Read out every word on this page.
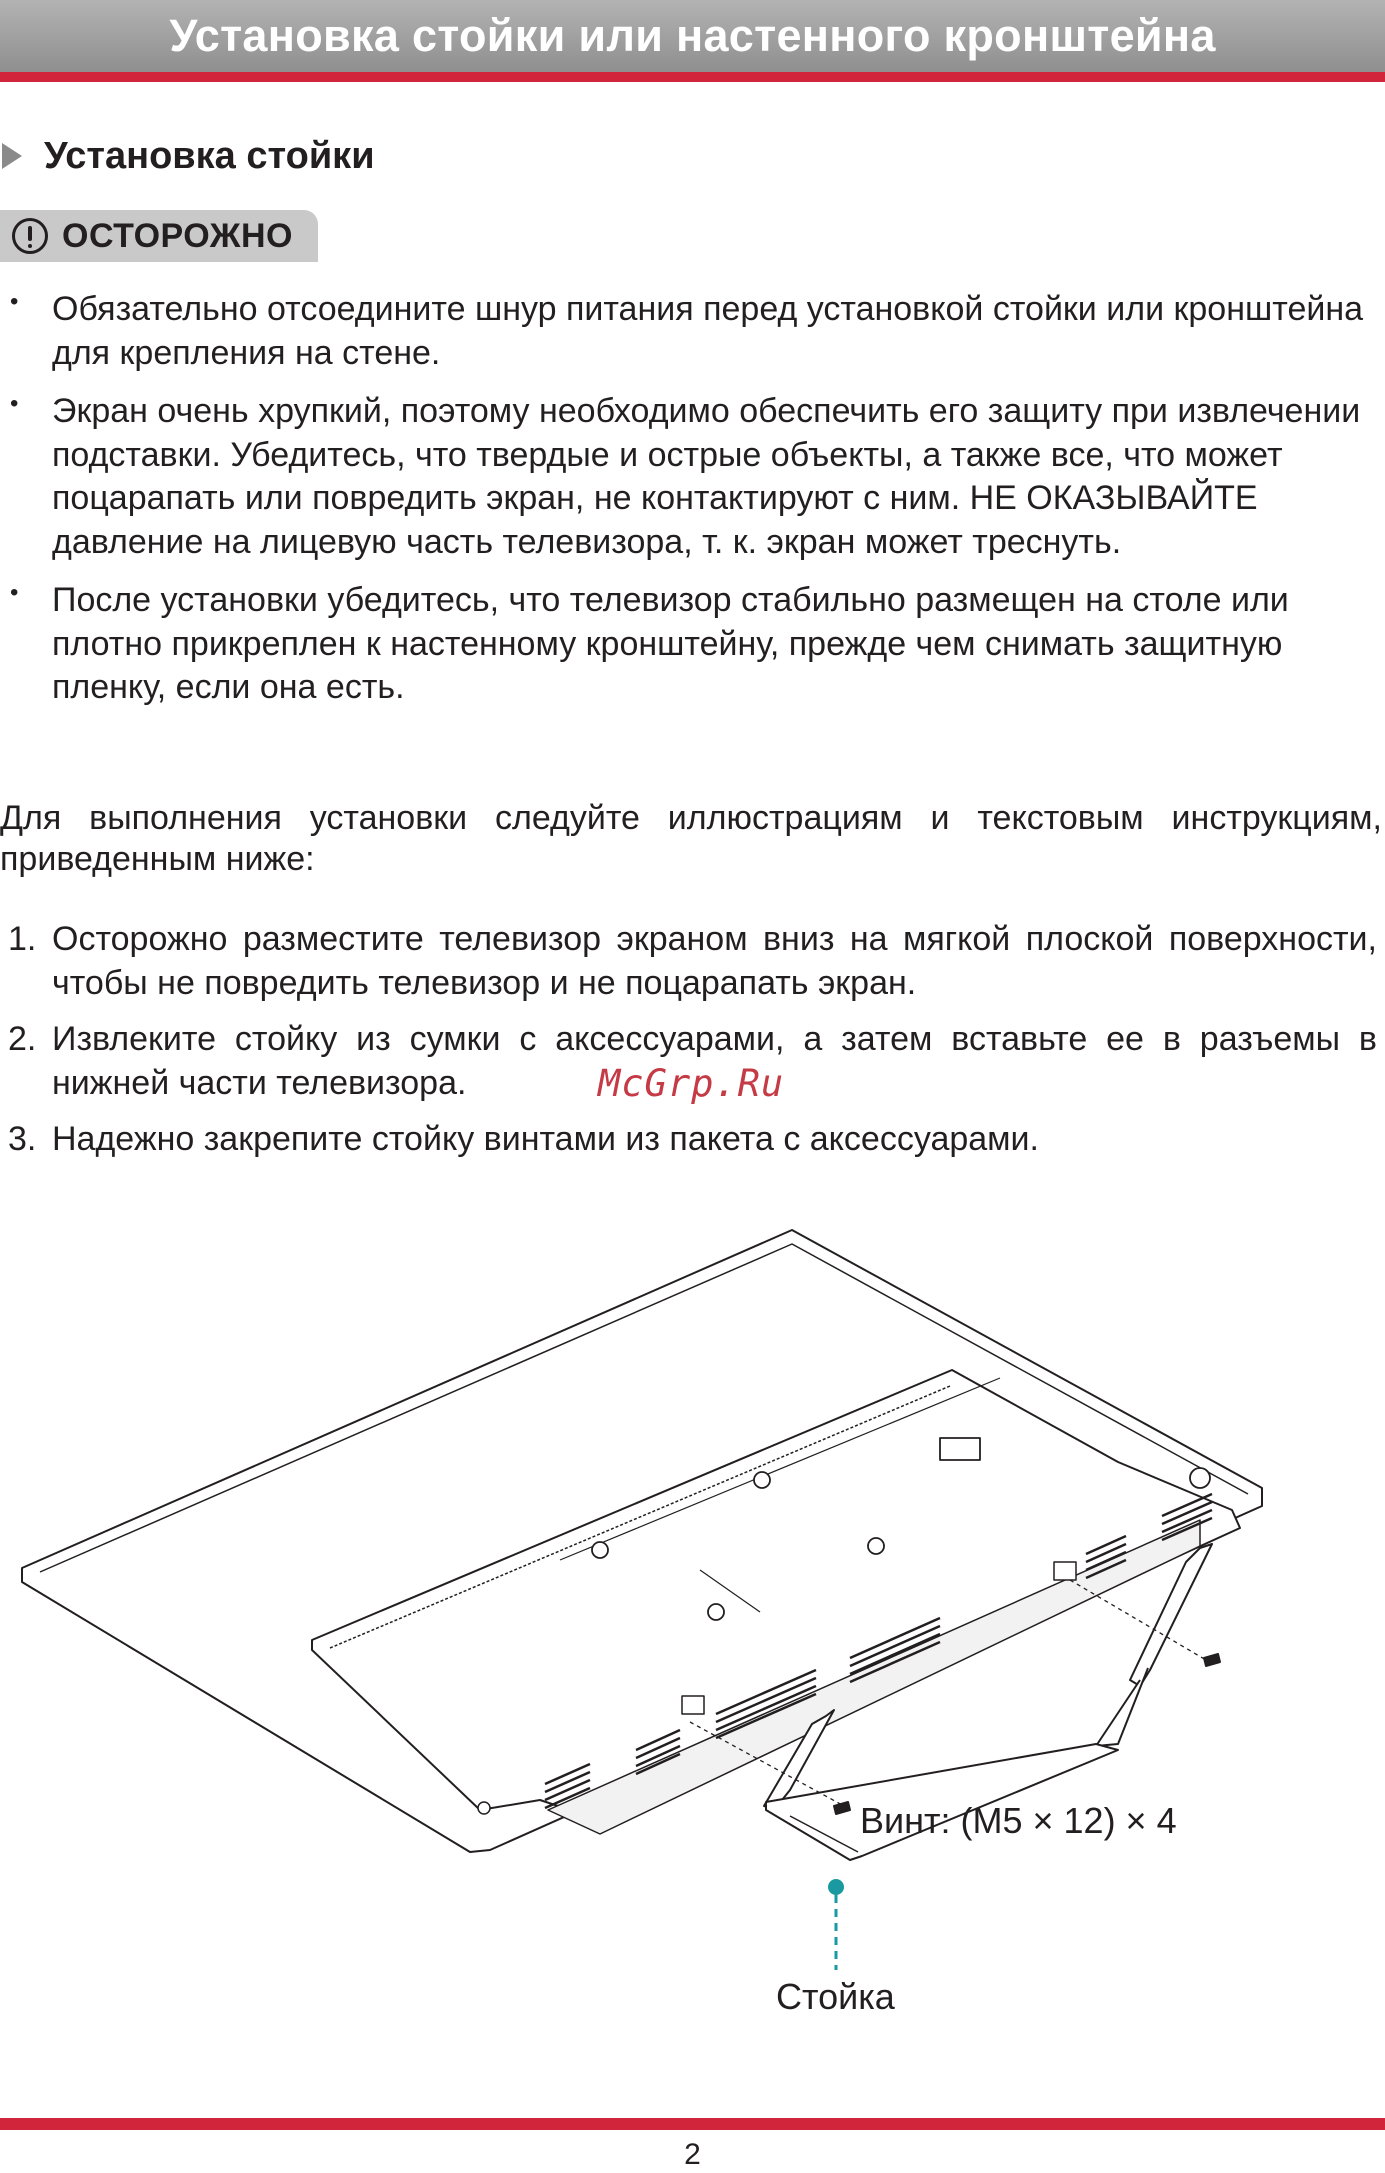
Установка стойки или настенного кронштейна
Установка стойки
ОСТОРОЖНО
• Обязательно отсоедините шнур питания перед установкой стойки или кронштейна для крепления на стене.
• Экран очень хрупкий, поэтому необходимо обеспечить его защиту при извлечении подставки. Убедитесь, что твердые и острые объекты, а также все, что может поцарапать или повредить экран, не контактируют с ним. НЕ ОКАЗЫВАЙТЕ давление на лицевую часть телевизора, т. к. экран может треснуть.
• После установки убедитесь, что телевизор стабильно размещен на столе или плотно прикреплен к настенному кронштейну, прежде чем снимать защитную пленку, если она есть.
Для выполнения установки следуйте иллюстрациям и текстовым инструкциям, приведенным ниже:
1. Осторожно разместите телевизор экраном вниз на мягкой плоской поверхности, чтобы не повредить телевизор и не поцарапать экран.
2. Извлеките стойку из сумки с аксессуарами, а затем вставьте ее в разъемы в нижней части телевизора.
3. Надежно закрепите стойку винтами из пакета с аксессуарами.
McGrp.Ru
Винт: (M5 × 12) × 4
Стойка
2
